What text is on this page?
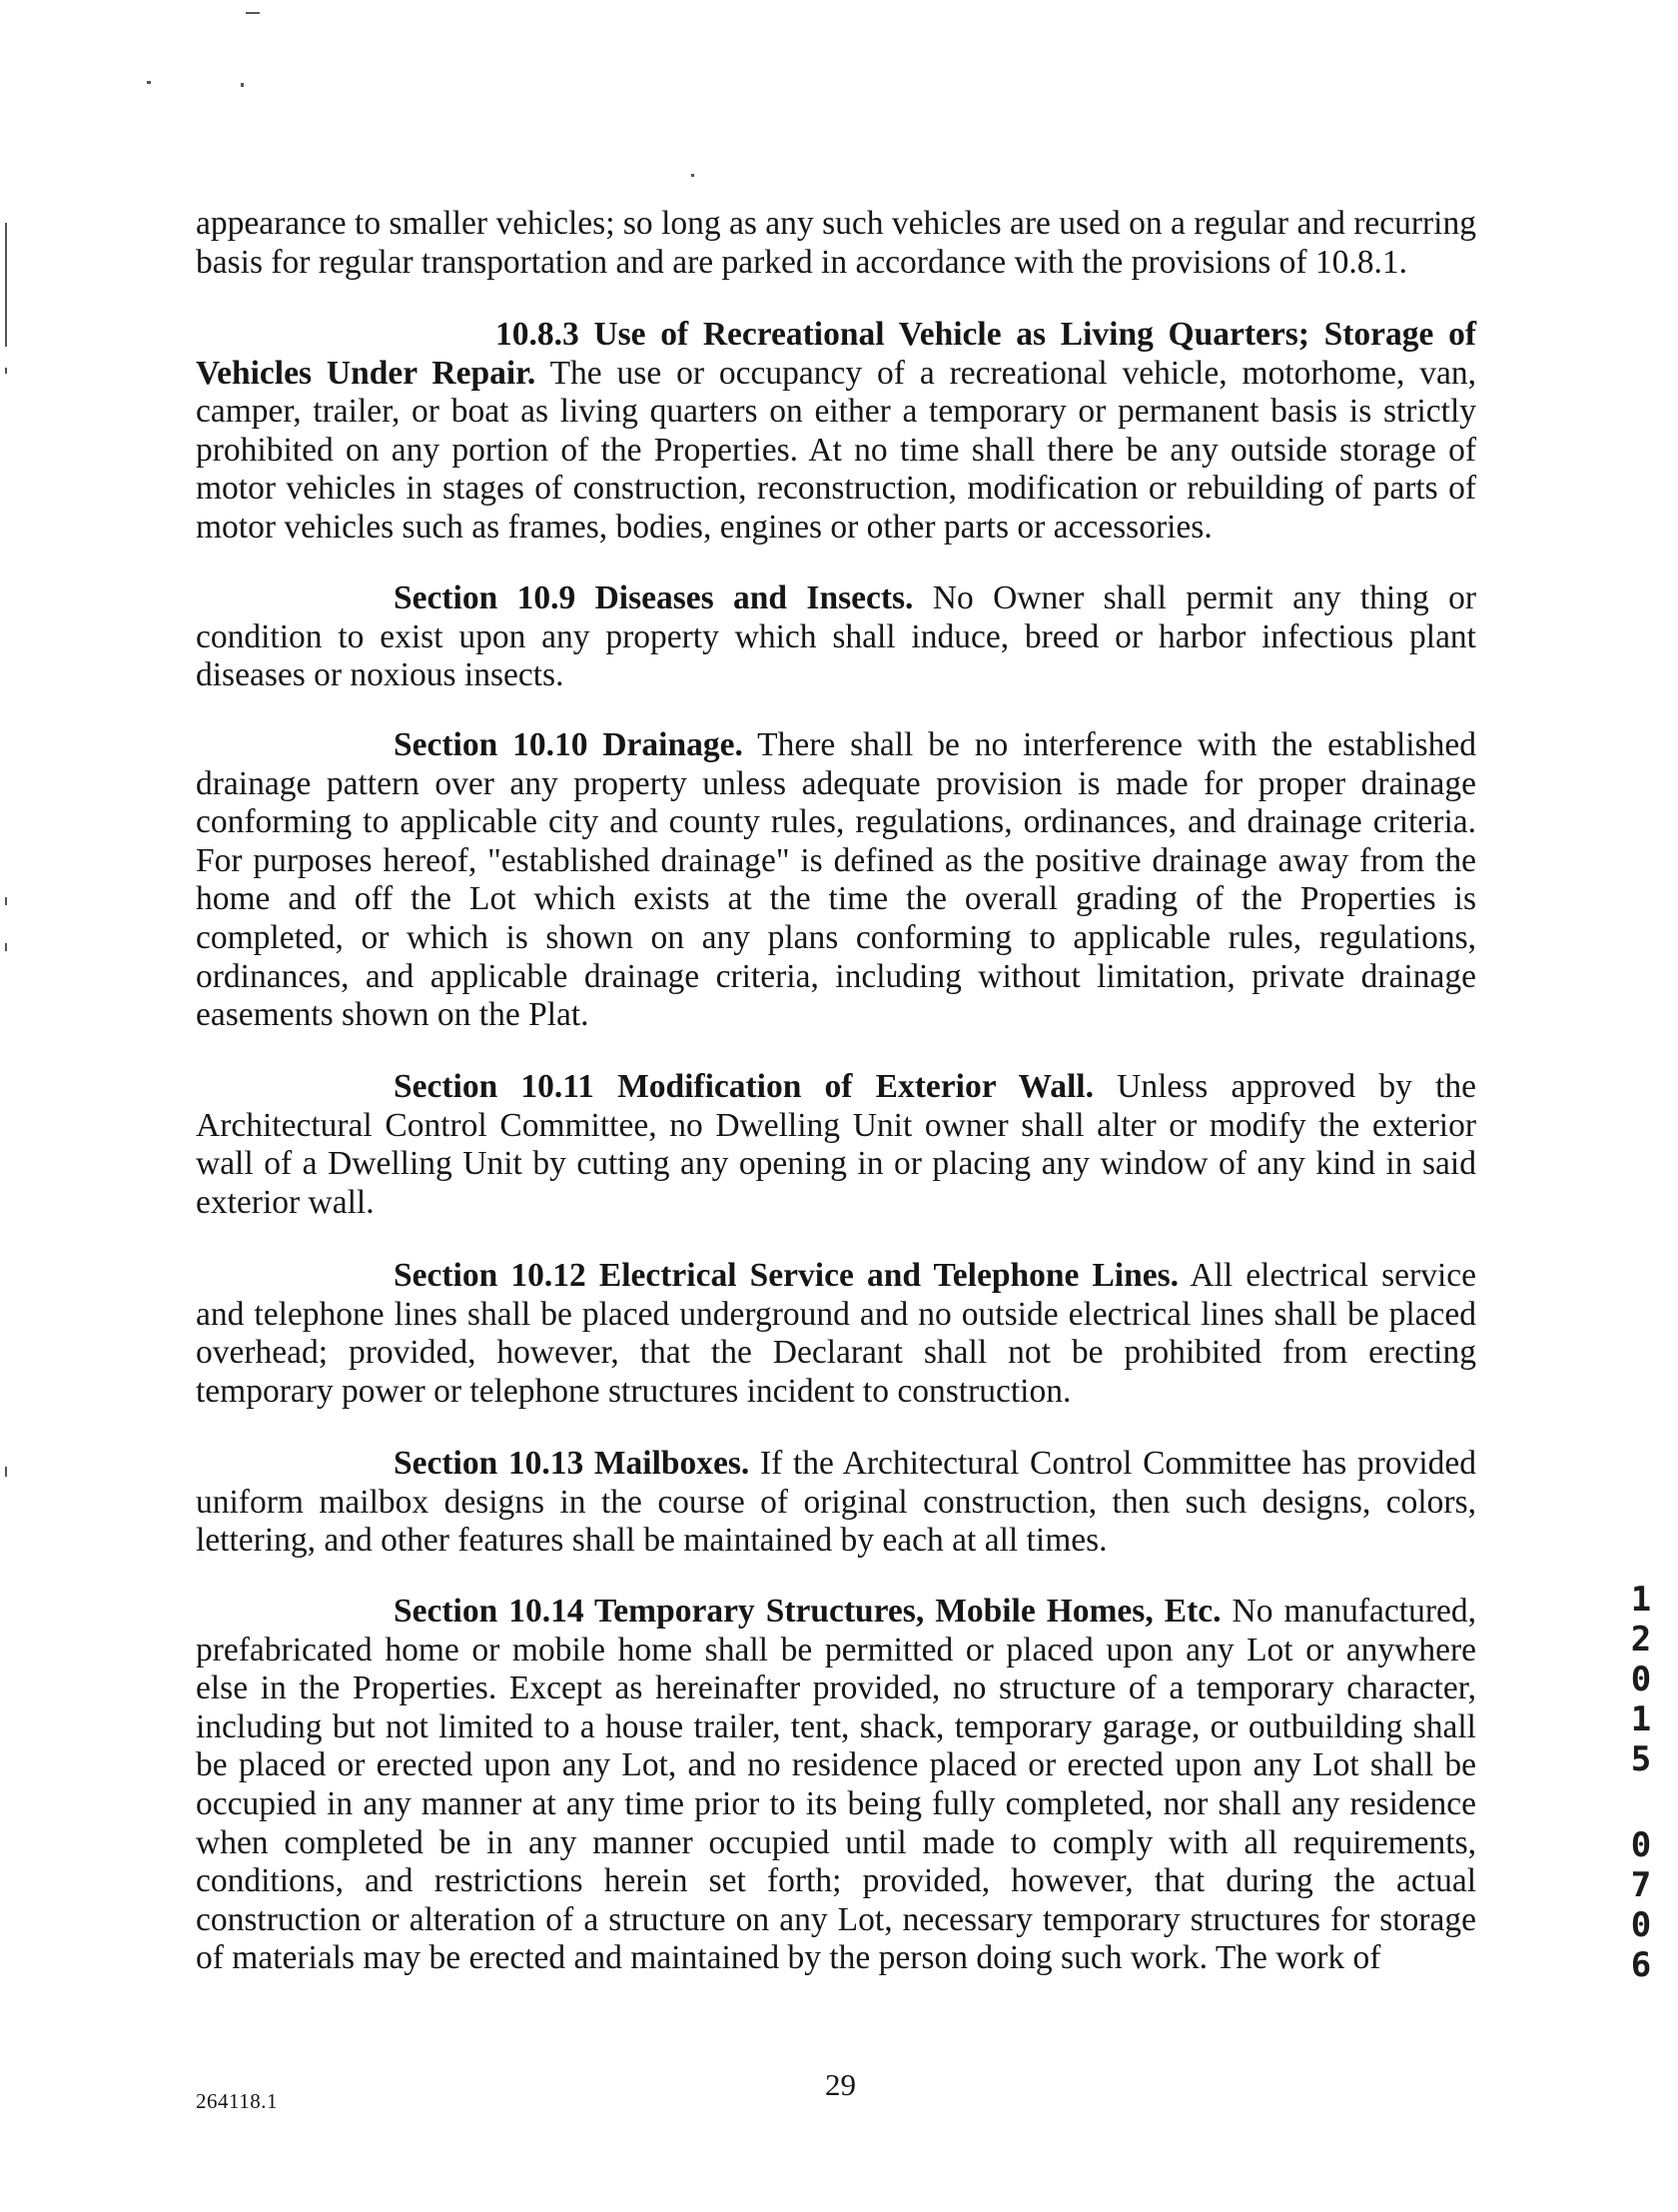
appearance to smaller vehicles; so long as any such vehicles are used on a regular and recurring basis for regular transportation and are parked in accordance with the provisions of 10.8.1.

10.8.3 Use of Recreational Vehicle as Living Quarters; Storage of Vehicles Under Repair. The use or occupancy of a recreational vehicle, motorhome, van, camper, trailer, or boat as living quarters on either a temporary or permanent basis is strictly prohibited on any portion of the Properties. At no time shall there be any outside storage of motor vehicles in stages of construction, reconstruction, modification or rebuilding of parts of motor vehicles such as frames, bodies, engines or other parts or accessories.

Section 10.9 Diseases and Insects. No Owner shall permit any thing or condition to exist upon any property which shall induce, breed or harbor infectious plant diseases or noxious insects.

Section 10.10 Drainage. There shall be no interference with the established drainage pattern over any property unless adequate provision is made for proper drainage conforming to applicable city and county rules, regulations, ordinances, and drainage criteria. For purposes hereof, "established drainage" is defined as the positive drainage away from the home and off the Lot which exists at the time the overall grading of the Properties is completed, or which is shown on any plans conforming to applicable rules, regulations, ordinances, and applicable drainage criteria, including without limitation, private drainage easements shown on the Plat.

Section 10.11 Modification of Exterior Wall. Unless approved by the Architectural Control Committee, no Dwelling Unit owner shall alter or modify the exterior wall of a Dwelling Unit by cutting any opening in or placing any window of any kind in said exterior wall.

Section 10.12 Electrical Service and Telephone Lines. All electrical service and telephone lines shall be placed underground and no outside electrical lines shall be placed overhead; provided, however, that the Declarant shall not be prohibited from erecting temporary power or telephone structures incident to construction.

Section 10.13 Mailboxes. If the Architectural Control Committee has provided uniform mailbox designs in the course of original construction, then such designs, colors, lettering, and other features shall be maintained by each at all times.

Section 10.14 Temporary Structures, Mobile Homes, Etc. No manufactured, prefabricated home or mobile home shall be permitted or placed upon any Lot or anywhere else in the Properties. Except as hereinafter provided, no structure of a temporary character, including but not limited to a house trailer, tent, shack, temporary garage, or outbuilding shall be placed or erected upon any Lot, and no residence placed or erected upon any Lot shall be occupied in any manner at any time prior to its being fully completed, nor shall any residence when completed be in any manner occupied until made to comply with all requirements, conditions, and restrictions herein set forth; provided, however, that during the actual construction or alteration of a structure on any Lot, necessary temporary structures for storage of materials may be erected and maintained by the person doing such work. The work of

1
2
0
1
5
0
7
0
6
264118.1	29
